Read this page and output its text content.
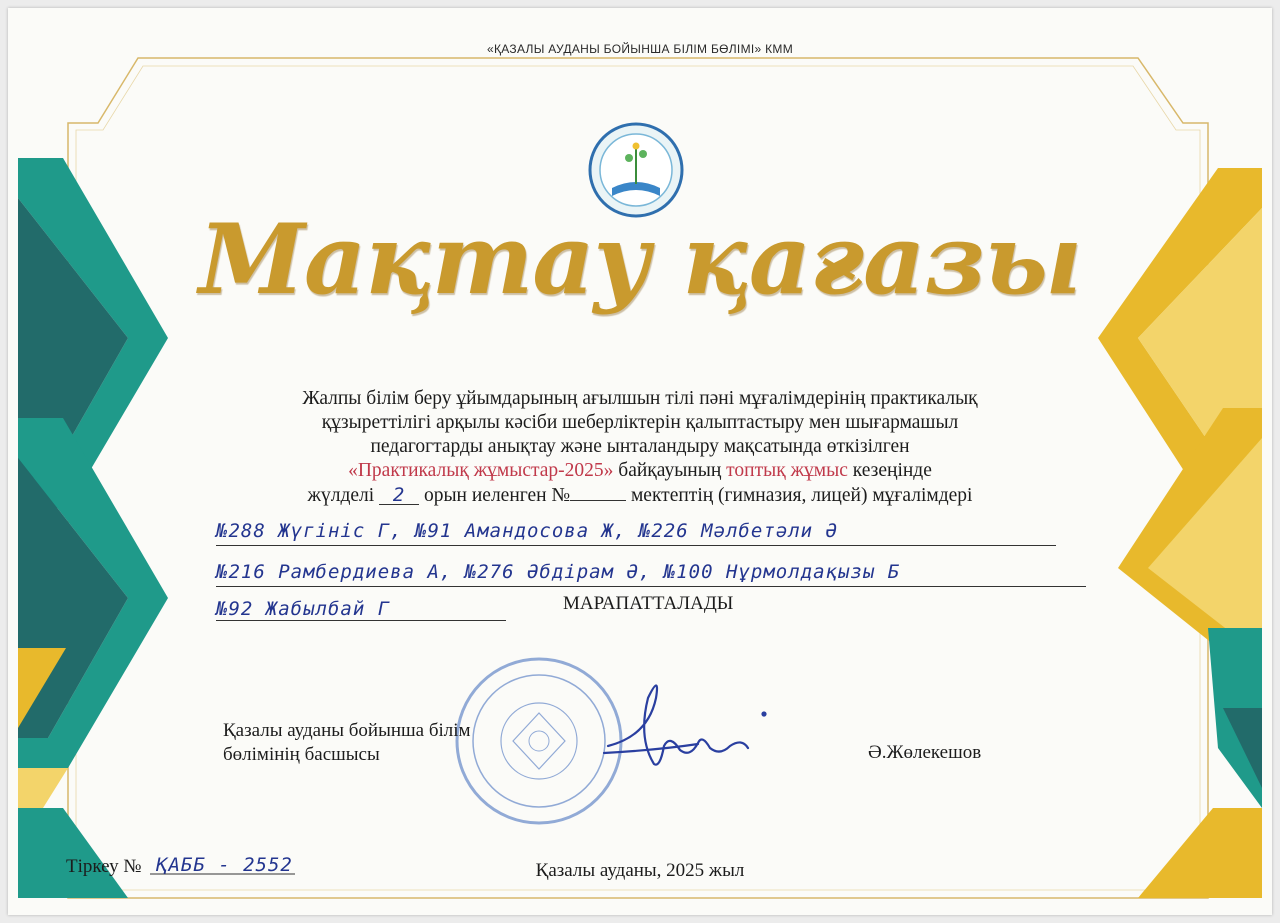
«ҚАЗАЛЫ АУДАНЫ БОЙЫНША БІЛІМ БӨЛІМІ» КММ
Мақтау қағазы
Жалпы білім беру ұйымдарының ағылшын тілі пәні мұғалімдерінің практикалық
құзыреттілігі арқылы кәсіби шеберліктерін қалыптастыру мен шығармашыл
педагогтарды анықтау және ынталандыру мақсатында өткізілген
«Практикалық жұмыстар-2025» байқауының топтық жұмыс кезеңінде
жүлделі 2 орын иеленген №	мектептің (гимназия, лицей) мұғалімдері
№288 Жүгініс Г, №91 Амандосова Ж, №226 Мәлбетәли Ә
№216 Рамбердиева А, №276 Әбдірам Ә, №100 Нұрмолдақызы Б
№92 Жабылбай Г	МАРАПАТТАЛАДЫ
Қазалы ауданы бойынша білім
бөлімінің басшысы	Ә.Жөлекешов
Тіркеу № ҚАББ - 2552	Қазалы ауданы, 2025 жыл
